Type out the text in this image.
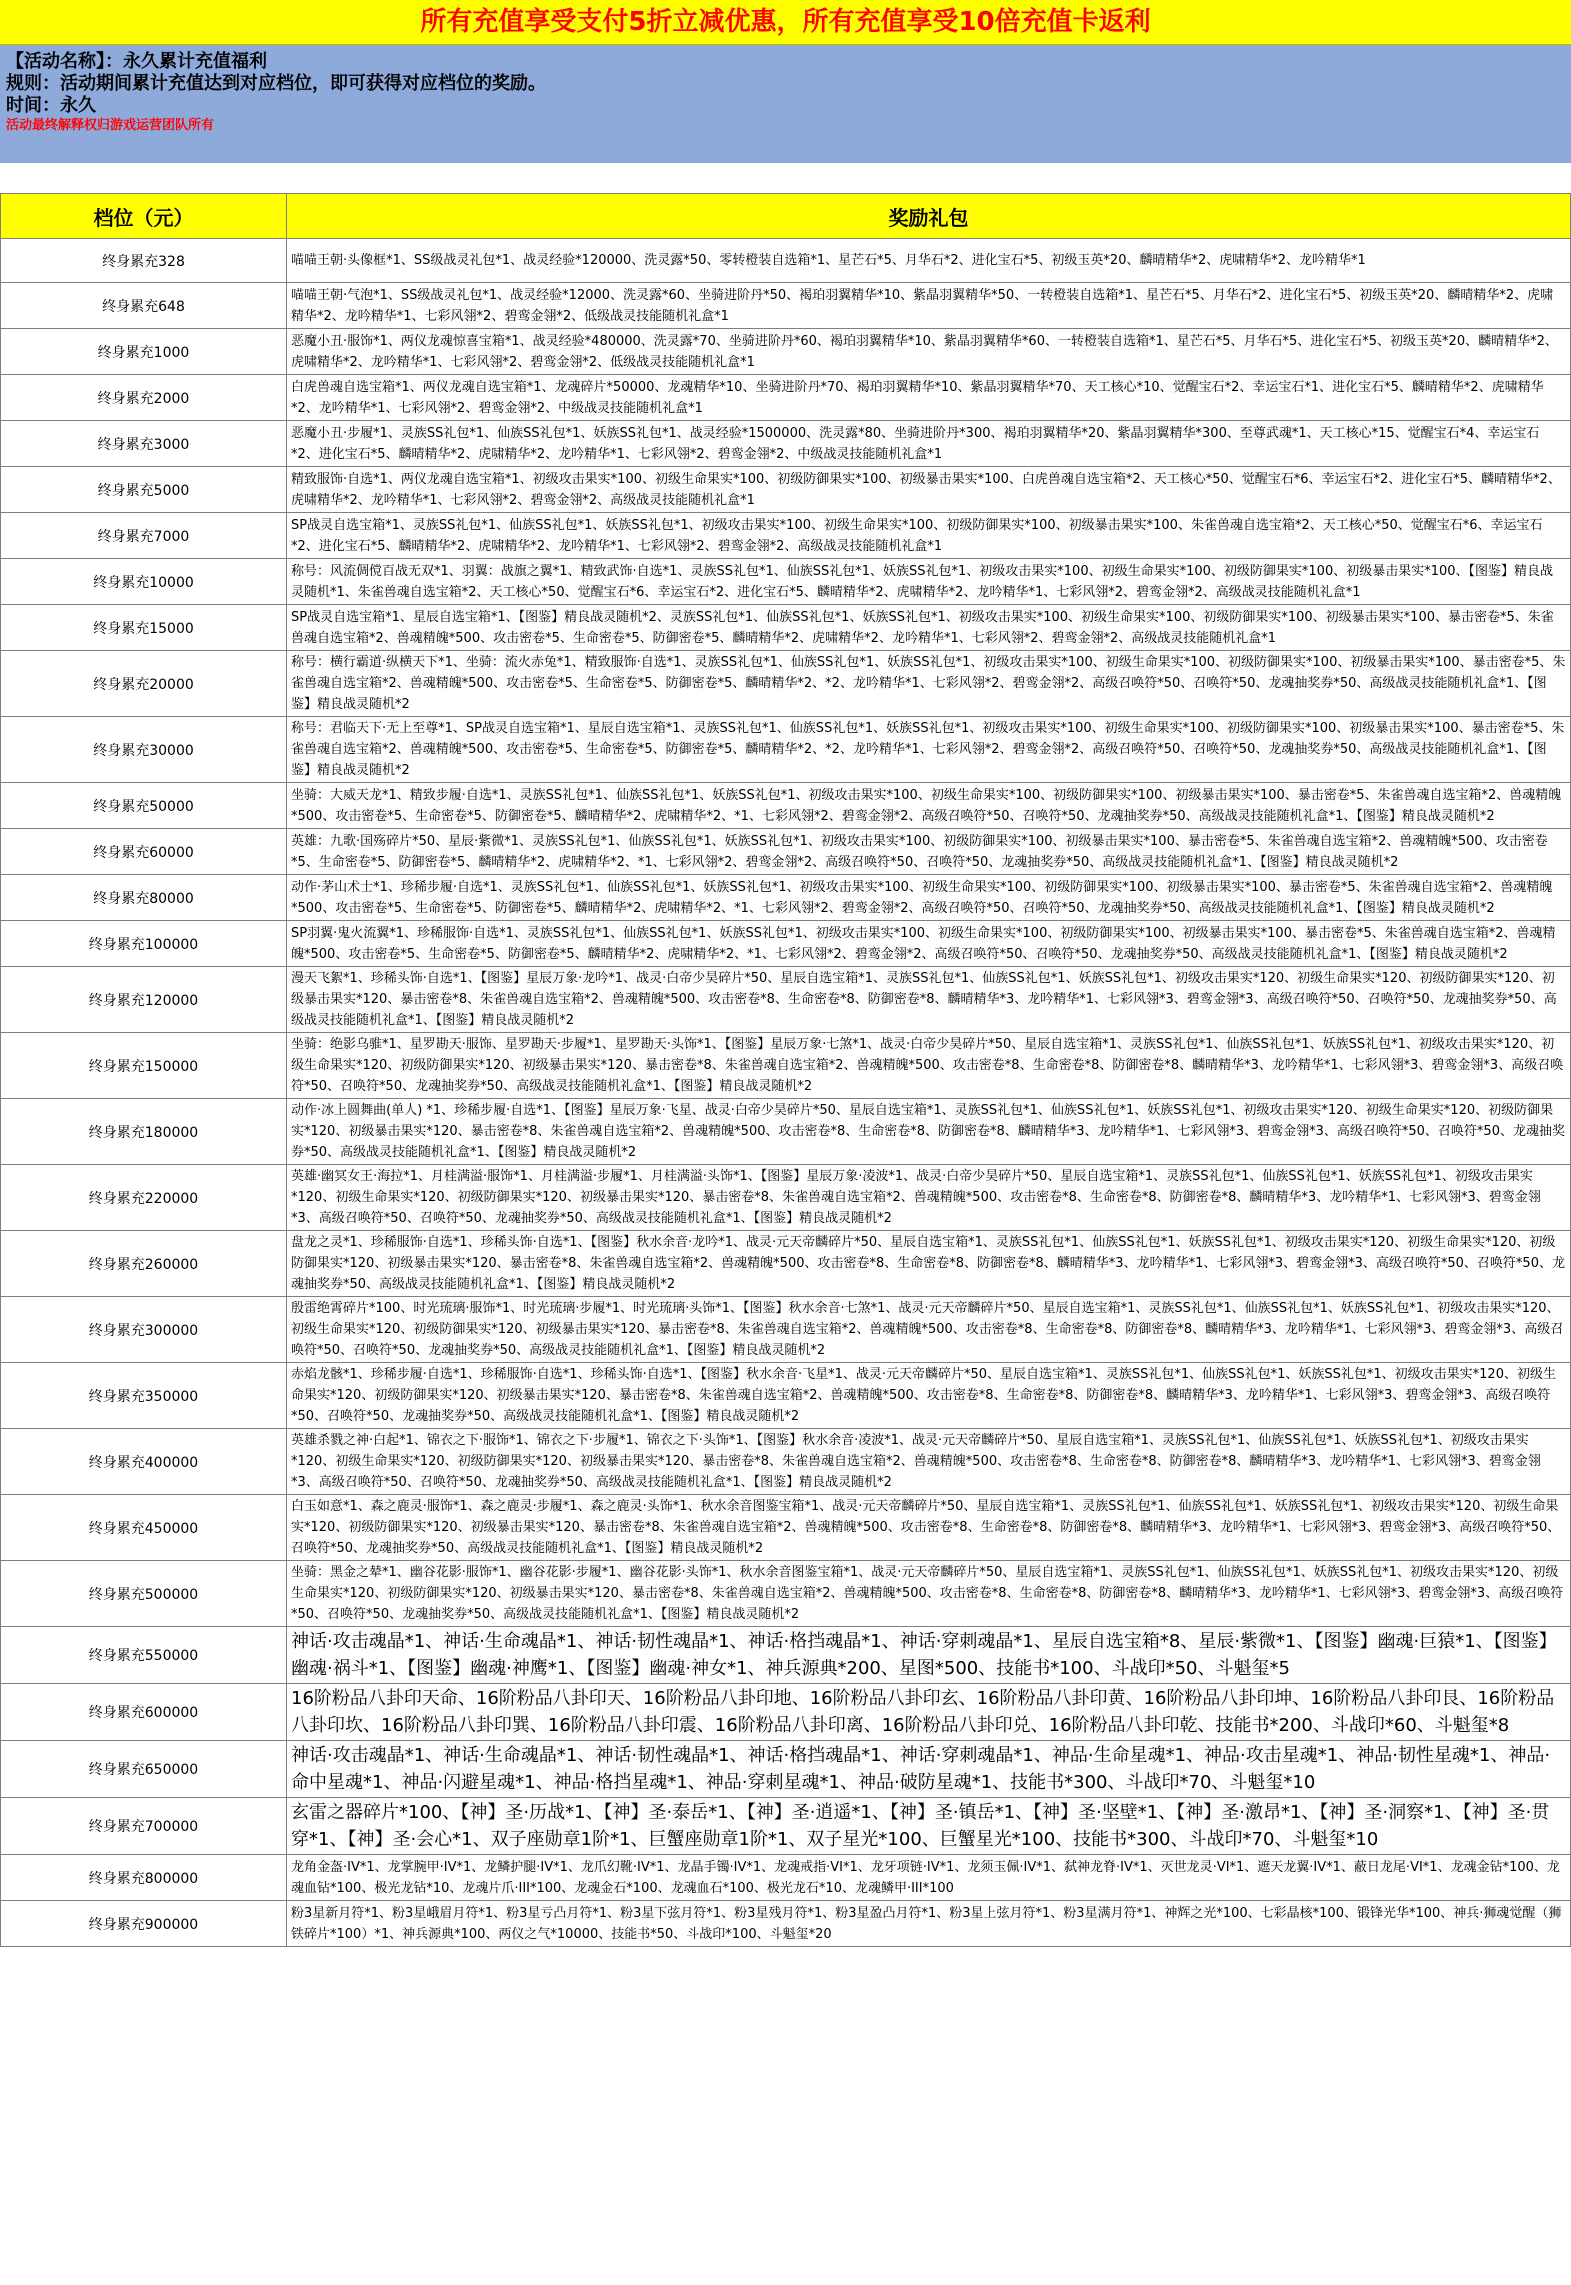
所有充值享受支付5折立减优惠，所有充值享受10倍充值卡返利
【活动名称】：永久累计充值福利
规则：活动期间累计充值达到对应档位，即可获得对应档位的奖励。
时间：永久
活动最终解释权归游戏运营团队所有
档位（元）	奖励礼包
终身累充328	喵喵王朝·头像框*1、SS级战灵礼包*1、战灵经验*120000、洗灵露*50、零转橙装自选箱*1、星芒石*5、月华石*2、进化宝石*5、初级玉英*20、麟晴精华*2、虎啸精华*2、龙吟精华*1
终身累充648	喵喵王朝·气泡*1、SS级战灵礼包*1、战灵经验*12000、洗灵露*60、坐骑进阶丹*50、褐珀羽翼精华*10、紫晶羽翼精华*50、一转橙装自选箱*1、星芒石*5、月华石*2、进化宝石*5、初级玉英*20、麟晴精华*2、虎啸精华*2、龙吟精华*1、七彩风翎*2、碧鸾金翎*2、低级战灵技能随机礼盒*1
终身累充1000	恶魔小丑·服饰*1、两仪龙魂惊喜宝箱*1、战灵经验*480000、洗灵露*70、坐骑进阶丹*60、褐珀羽翼精华*10、紫晶羽翼精华*60、一转橙装自选箱*1、星芒石*5、月华石*5、进化宝石*5、初级玉英*20、麟晴精华*2、虎啸精华*2、龙吟精华*1、七彩风翎*2、碧鸾金翎*2、低级战灵技能随机礼盒*1
终身累充2000	白虎兽魂自选宝箱*1、两仪龙魂自选宝箱*1、龙魂碎片*50000、龙魂精华*10、坐骑进阶丹*70、褐珀羽翼精华*10、紫晶羽翼精华*70、天工核心*10、觉醒宝石*2、幸运宝石*1、进化宝石*5、麟晴精华*2、虎啸精华*2、龙吟精华*1、七彩风翎*2、碧鸾金翎*2、中级战灵技能随机礼盒*1
终身累充3000	恶魔小丑·步履*1、灵族SS礼包*1、仙族SS礼包*1、妖族SS礼包*1、战灵经验*1500000、洗灵露*80、坐骑进阶丹*300、褐珀羽翼精华*20、紫晶羽翼精华*300、至尊武魂*1、天工核心*15、觉醒宝石*4、幸运宝石*2、进化宝石*5、麟晴精华*2、虎啸精华*2、龙吟精华*1、七彩风翎*2、碧鸾金翎*2、中级战灵技能随机礼盒*1
终身累充5000	精致服饰·自选*1、两仪龙魂自选宝箱*1、初级攻击果实*100、初级生命果实*100、初级防御果实*100、初级暴击果实*100、白虎兽魂自选宝箱*2、天工核心*50、觉醒宝石*6、幸运宝石*2、进化宝石*5、麟晴精华*2、虎啸精华*2、龙吟精华*1、七彩风翎*2、碧鸾金翎*2、高级战灵技能随机礼盒*1
终身累充7000	SP战灵自选宝箱*1、灵族SS礼包*1、仙族SS礼包*1、妖族SS礼包*1、初级攻击果实*100、初级生命果实*100、初级防御果实*100、初级暴击果实*100、朱雀兽魂自选宝箱*2、天工核心*50、觉醒宝石*6、幸运宝石*2、进化宝石*5、麟晴精华*2、虎啸精华*2、龙吟精华*1、七彩风翎*2、碧鸾金翎*2、高级战灵技能随机礼盒*1
终身累充10000	称号：风流倜傥百战无双*1、羽翼：战旗之翼*1、精致武饰·自选*1、灵族SS礼包*1、仙族SS礼包*1、妖族SS礼包*1、初级攻击果实*100、初级生命果实*100、初级防御果实*100、初级暴击果实*100、【图鉴】精良战灵随机*1、朱雀兽魂自选宝箱*2、天工核心*50、觉醒宝石*6、幸运宝石*2、进化宝石*5、麟晴精华*2、虎啸精华*2、龙吟精华*1、七彩风翎*2、碧鸾金翎*2、高级战灵技能随机礼盒*1
终身累充15000	SP战灵自选宝箱*1、星辰自选宝箱*1、【图鉴】精良战灵随机*2、灵族SS礼包*1、仙族SS礼包*1、妖族SS礼包*1、初级攻击果实*100、初级生命果实*100、初级防御果实*100、初级暴击果实*100、暴击密卷*5、朱雀兽魂自选宝箱*2、兽魂精魄*500、攻击密卷*5、生命密卷*5、防御密卷*5、麟晴精华*2、虎啸精华*2、龙吟精华*1、七彩风翎*2、碧鸾金翎*2、高级战灵技能随机礼盒*1
终身累充20000	称号：横行霸道·纵横天下*1、坐骑：流火赤兔*1、精致服饰·自选*1、灵族SS礼包*1、仙族SS礼包*1、妖族SS礼包*1、初级攻击果实*100、初级生命果实*100、初级防御果实*100、初级暴击果实*100、暴击密卷*5、朱雀兽魂自选宝箱*2、兽魂精魄*500、攻击密卷*5、生命密卷*5、防御密卷*5、麟晴精华*2、*2、龙吟精华*1、七彩风翎*2、碧鸾金翎*2、高级召唤符*50、召唤符*50、龙魂抽奖券*50、高级战灵技能随机礼盒*1、【图鉴】精良战灵随机*2
终身累充30000	称号：君临天下·无上至尊*1、SP战灵自选宝箱*1、星辰自选宝箱*1、灵族SS礼包*1、仙族SS礼包*1、妖族SS礼包*1、初级攻击果实*100、初级生命果实*100、初级防御果实*100、初级暴击果实*100、暴击密卷*5、朱雀兽魂自选宝箱*2、兽魂精魄*500、攻击密卷*5、生命密卷*5、防御密卷*5、麟晴精华*2、*2、龙吟精华*1、七彩风翎*2、碧鸾金翎*2、高级召唤符*50、召唤符*50、龙魂抽奖券*50、高级战灵技能随机礼盒*1、【图鉴】精良战灵随机*2
终身累充50000	坐骑：大威天龙*1、精致步履·自选*1、灵族SS礼包*1、仙族SS礼包*1、妖族SS礼包*1、初级攻击果实*100、初级生命果实*100、初级防御果实*100、初级暴击果实*100、暴击密卷*5、朱雀兽魂自选宝箱*2、兽魂精魄*500、攻击密卷*5、生命密卷*5、防御密卷*5、麟晴精华*2、虎啸精华*2、*1、七彩风翎*2、碧鸾金翎*2、高级召唤符*50、召唤符*50、龙魂抽奖券*50、高级战灵技能随机礼盒*1、【图鉴】精良战灵随机*2
终身累充60000	英雄：九歌·国殇碎片*50、星辰·紫微*1、灵族SS礼包*1、仙族SS礼包*1、妖族SS礼包*1、初级攻击果实*100、初级防御果实*100、初级暴击果实*100、暴击密卷*5、朱雀兽魂自选宝箱*2、兽魂精魄*500、攻击密卷*5、生命密卷*5、防御密卷*5、麟晴精华*2、虎啸精华*2、*1、七彩风翎*2、碧鸾金翎*2、高级召唤符*50、召唤符*50、龙魂抽奖券*50、高级战灵技能随机礼盒*1、【图鉴】精良战灵随机*2
终身累充80000	动作·茅山术士*1、珍稀步履·自选*1、灵族SS礼包*1、仙族SS礼包*1、妖族SS礼包*1、初级攻击果实*100、初级生命果实*100、初级防御果实*100、初级暴击果实*100、暴击密卷*5、朱雀兽魂自选宝箱*2、兽魂精魄*500、攻击密卷*5、生命密卷*5、防御密卷*5、麟晴精华*2、虎啸精华*2、*1、七彩风翎*2、碧鸾金翎*2、高级召唤符*50、召唤符*50、龙魂抽奖券*50、高级战灵技能随机礼盒*1、【图鉴】精良战灵随机*2
终身累充100000	SP羽翼·鬼火流翼*1、珍稀服饰·自选*1、灵族SS礼包*1、仙族SS礼包*1、妖族SS礼包*1、初级攻击果实*100、初级生命果实*100、初级防御果实*100、初级暴击果实*100、暴击密卷*5、朱雀兽魂自选宝箱*2、兽魂精魄*500、攻击密卷*5、生命密卷*5、防御密卷*5、麟晴精华*2、虎啸精华*2、*1、七彩风翎*2、碧鸾金翎*2、高级召唤符*50、召唤符*50、龙魂抽奖券*50、高级战灵技能随机礼盒*1、【图鉴】精良战灵随机*2
终身累充120000	漫天飞絮*1、珍稀头饰·自选*1、【图鉴】星辰万象·龙吟*1、战灵·白帝少昊碎片*50、星辰自选宝箱*1、灵族SS礼包*1、仙族SS礼包*1、妖族SS礼包*1、初级攻击果实*120、初级生命果实*120、初级防御果实*120、初级暴击果实*120、暴击密卷*8、朱雀兽魂自选宝箱*2、兽魂精魄*500、攻击密卷*8、生命密卷*8、防御密卷*8、麟晴精华*3、龙吟精华*1、七彩风翎*3、碧鸾金翎*3、高级召唤符*50、召唤符*50、龙魂抽奖券*50、高级战灵技能随机礼盒*1、【图鉴】精良战灵随机*2
终身累充150000	坐骑：绝影乌骓*1、星罗勘天·服饰、星罗勘天·步履*1、星罗勘天·头饰*1、【图鉴】星辰万象·七煞*1、战灵·白帝少昊碎片*50、星辰自选宝箱*1、灵族SS礼包*1、仙族SS礼包*1、妖族SS礼包*1、初级攻击果实*120、初级生命果实*120、初级防御果实*120、初级暴击果实*120、暴击密卷*8、朱雀兽魂自选宝箱*2、兽魂精魄*500、攻击密卷*8、生命密卷*8、防御密卷*8、麟晴精华*3、龙吟精华*1、七彩风翎*3、碧鸾金翎*3、高级召唤符*50、召唤符*50、龙魂抽奖券*50、高级战灵技能随机礼盒*1、【图鉴】精良战灵随机*2
终身累充180000	动作·冰上圆舞曲(单人) *1、珍稀步履·自选*1、【图鉴】星辰万象·飞星、战灵·白帝少昊碎片*50、星辰自选宝箱*1、灵族SS礼包*1、仙族SS礼包*1、妖族SS礼包*1、初级攻击果实*120、初级生命果实*120、初级防御果实*120、初级暴击果实*120、暴击密卷*8、朱雀兽魂自选宝箱*2、兽魂精魄*500、攻击密卷*8、生命密卷*8、防御密卷*8、麟晴精华*3、龙吟精华*1、七彩风翎*3、碧鸾金翎*3、高级召唤符*50、召唤符*50、龙魂抽奖券*50、高级战灵技能随机礼盒*1、【图鉴】精良战灵随机*2
终身累充220000	英雄·幽冥女王·海拉*1、月桂满溢·服饰*1、月桂满溢·步履*1、月桂满溢·头饰*1、【图鉴】星辰万象·凌波*1、战灵·白帝少昊碎片*50、星辰自选宝箱*1、灵族SS礼包*1、仙族SS礼包*1、妖族SS礼包*1、初级攻击果实*120、初级生命果实*120、初级防御果实*120、初级暴击果实*120、暴击密卷*8、朱雀兽魂自选宝箱*2、兽魂精魄*500、攻击密卷*8、生命密卷*8、防御密卷*8、麟晴精华*3、龙吟精华*1、七彩风翎*3、碧鸾金翎*3、高级召唤符*50、召唤符*50、龙魂抽奖券*50、高级战灵技能随机礼盒*1、【图鉴】精良战灵随机*2
终身累充260000	盘龙之灵*1、珍稀服饰·自选*1、珍稀头饰·自选*1、【图鉴】秋水余音·龙吟*1、战灵·元天帝麟碎片*50、星辰自选宝箱*1、灵族SS礼包*1、仙族SS礼包*1、妖族SS礼包*1、初级攻击果实*120、初级生命果实*120、初级防御果实*120、初级暴击果实*120、暴击密卷*8、朱雀兽魂自选宝箱*2、兽魂精魄*500、攻击密卷*8、生命密卷*8、防御密卷*8、麟晴精华*3、龙吟精华*1、七彩风翎*3、碧鸾金翎*3、高级召唤符*50、召唤符*50、龙魂抽奖券*50、高级战灵技能随机礼盒*1、【图鉴】精良战灵随机*2
终身累充300000	殷雷绝霄碎片*100、时光琉璃·服饰*1、时光琉璃·步履*1、时光琉璃·头饰*1、【图鉴】秋水余音·七煞*1、战灵·元天帝麟碎片*50、星辰自选宝箱*1、灵族SS礼包*1、仙族SS礼包*1、妖族SS礼包*1、初级攻击果实*120、初级生命果实*120、初级防御果实*120、初级暴击果实*120、暴击密卷*8、朱雀兽魂自选宝箱*2、兽魂精魄*500、攻击密卷*8、生命密卷*8、防御密卷*8、麟晴精华*3、龙吟精华*1、七彩风翎*3、碧鸾金翎*3、高级召唤符*50、召唤符*50、龙魂抽奖券*50、高级战灵技能随机礼盒*1、【图鉴】精良战灵随机*2
终身累充350000	赤焰龙骸*1、珍稀步履·自选*1、珍稀服饰·自选*1、珍稀头饰·自选*1、【图鉴】秋水余音·飞星*1、战灵·元天帝麟碎片*50、星辰自选宝箱*1、灵族SS礼包*1、仙族SS礼包*1、妖族SS礼包*1、初级攻击果实*120、初级生命果实*120、初级防御果实*120、初级暴击果实*120、暴击密卷*8、朱雀兽魂自选宝箱*2、兽魂精魄*500、攻击密卷*8、生命密卷*8、防御密卷*8、麟晴精华*3、龙吟精华*1、七彩风翎*3、碧鸾金翎*3、高级召唤符*50、召唤符*50、龙魂抽奖券*50、高级战灵技能随机礼盒*1、【图鉴】精良战灵随机*2
终身累充400000	英雄杀戮之神·白起*1、锦衣之下·服饰*1、锦衣之下·步履*1、锦衣之下·头饰*1、【图鉴】秋水余音·凌波*1、战灵·元天帝麟碎片*50、星辰自选宝箱*1、灵族SS礼包*1、仙族SS礼包*1、妖族SS礼包*1、初级攻击果实*120、初级生命果实*120、初级防御果实*120、初级暴击果实*120、暴击密卷*8、朱雀兽魂自选宝箱*2、兽魂精魄*500、攻击密卷*8、生命密卷*8、防御密卷*8、麟晴精华*3、龙吟精华*1、七彩风翎*3、碧鸾金翎*3、高级召唤符*50、召唤符*50、龙魂抽奖券*50、高级战灵技能随机礼盒*1、【图鉴】精良战灵随机*2
终身累充450000	白玉如意*1、森之鹿灵·服饰*1、森之鹿灵·步履*1、森之鹿灵·头饰*1、秋水余音图鉴宝箱*1、战灵·元天帝麟碎片*50、星辰自选宝箱*1、灵族SS礼包*1、仙族SS礼包*1、妖族SS礼包*1、初级攻击果实*120、初级生命果实*120、初级防御果实*120、初级暴击果实*120、暴击密卷*8、朱雀兽魂自选宝箱*2、兽魂精魄*500、攻击密卷*8、生命密卷*8、防御密卷*8、麟晴精华*3、龙吟精华*1、七彩风翎*3、碧鸾金翎*3、高级召唤符*50、召唤符*50、龙魂抽奖券*50、高级战灵技能随机礼盒*1、【图鉴】精良战灵随机*2
终身累充500000	坐骑：黑金之辇*1、幽谷花影·服饰*1、幽谷花影·步履*1、幽谷花影·头饰*1、秋水余音图鉴宝箱*1、战灵·元天帝麟碎片*50、星辰自选宝箱*1、灵族SS礼包*1、仙族SS礼包*1、妖族SS礼包*1、初级攻击果实*120、初级生命果实*120、初级防御果实*120、初级暴击果实*120、暴击密卷*8、朱雀兽魂自选宝箱*2、兽魂精魄*500、攻击密卷*8、生命密卷*8、防御密卷*8、麟晴精华*3、龙吟精华*1、七彩风翎*3、碧鸾金翎*3、高级召唤符*50、召唤符*50、龙魂抽奖券*50、高级战灵技能随机礼盒*1、【图鉴】精良战灵随机*2
终身累充550000	神话·攻击魂晶*1、神话·生命魂晶*1、神话·韧性魂晶*1、神话·格挡魂晶*1、神话·穿刺魂晶*1、星辰自选宝箱*8、星辰·紫微*1、【图鉴】幽魂·巨猿*1、【图鉴】幽魂·祸斗*1、【图鉴】幽魂·神鹰*1、【图鉴】幽魂·神女*1、神兵源典*200、星图*500、技能书*100、斗战印*50、斗魁玺*5
终身累充600000	16阶粉品八卦印天命、16阶粉品八卦印天、16阶粉品八卦印地、16阶粉品八卦印玄、16阶粉品八卦印黄、16阶粉品八卦印坤、16阶粉品八卦印艮、16阶粉品八卦印坎、16阶粉品八卦印巽、16阶粉品八卦印震、16阶粉品八卦印离、16阶粉品八卦印兑、16阶粉品八卦印乾、技能书*200、斗战印*60、斗魁玺*8
终身累充650000	神话·攻击魂晶*1、神话·生命魂晶*1、神话·韧性魂晶*1、神话·格挡魂晶*1、神话·穿刺魂晶*1、神品·生命星魂*1、神品·攻击星魂*1、神品·韧性星魂*1、神品·命中星魂*1、神品·闪避星魂*1、神品·格挡星魂*1、神品·穿刺星魂*1、神品·破防星魂*1、技能书*300、斗战印*70、斗魁玺*10
终身累充700000	玄雷之器碎片*100、【神】圣·历战*1、【神】圣·泰岳*1、【神】圣·逍遥*1、【神】圣·镇岳*1、【神】圣·坚壁*1、【神】圣·激昂*1、【神】圣·洞察*1、【神】圣·贯穿*1、【神】圣·会心*1、双子座勋章1阶*1、巨蟹座勋章1阶*1、双子星光*100、巨蟹星光*100、技能书*300、斗战印*70、斗魁玺*10
终身累充800000	龙角金盔·IV*1、龙掌腕甲·IV*1、龙鳞护腿·IV*1、龙爪幻靴·IV*1、龙晶手镯·IV*1、龙魂戒指·VI*1、龙牙项链·IV*1、龙须玉佩·IV*1、弑神龙脊·IV*1、灭世龙灵·VI*1、遮天龙翼·IV*1、蔽日龙尾·VI*1、龙魂金钻*100、龙魂血钻*100、极光龙钻*10、龙魂片爪·III*100、龙魂金石*100、龙魂血石*100、极光龙石*10、龙魂鳞甲·III*100
终身累充900000	粉3星新月符*1、粉3星峨眉月符*1、粉3星亏凸月符*1、粉3星下弦月符*1、粉3星残月符*1、粉3星盈凸月符*1、粉3星上弦月符*1、粉3星满月符*1、神辉之光*100、七彩晶核*100、锻锋光华*100、神兵·狮魂觉醒（狮铁碎片*100）*1、神兵源典*100、两仪之气*10000、技能书*50、斗战印*100、斗魁玺*20
